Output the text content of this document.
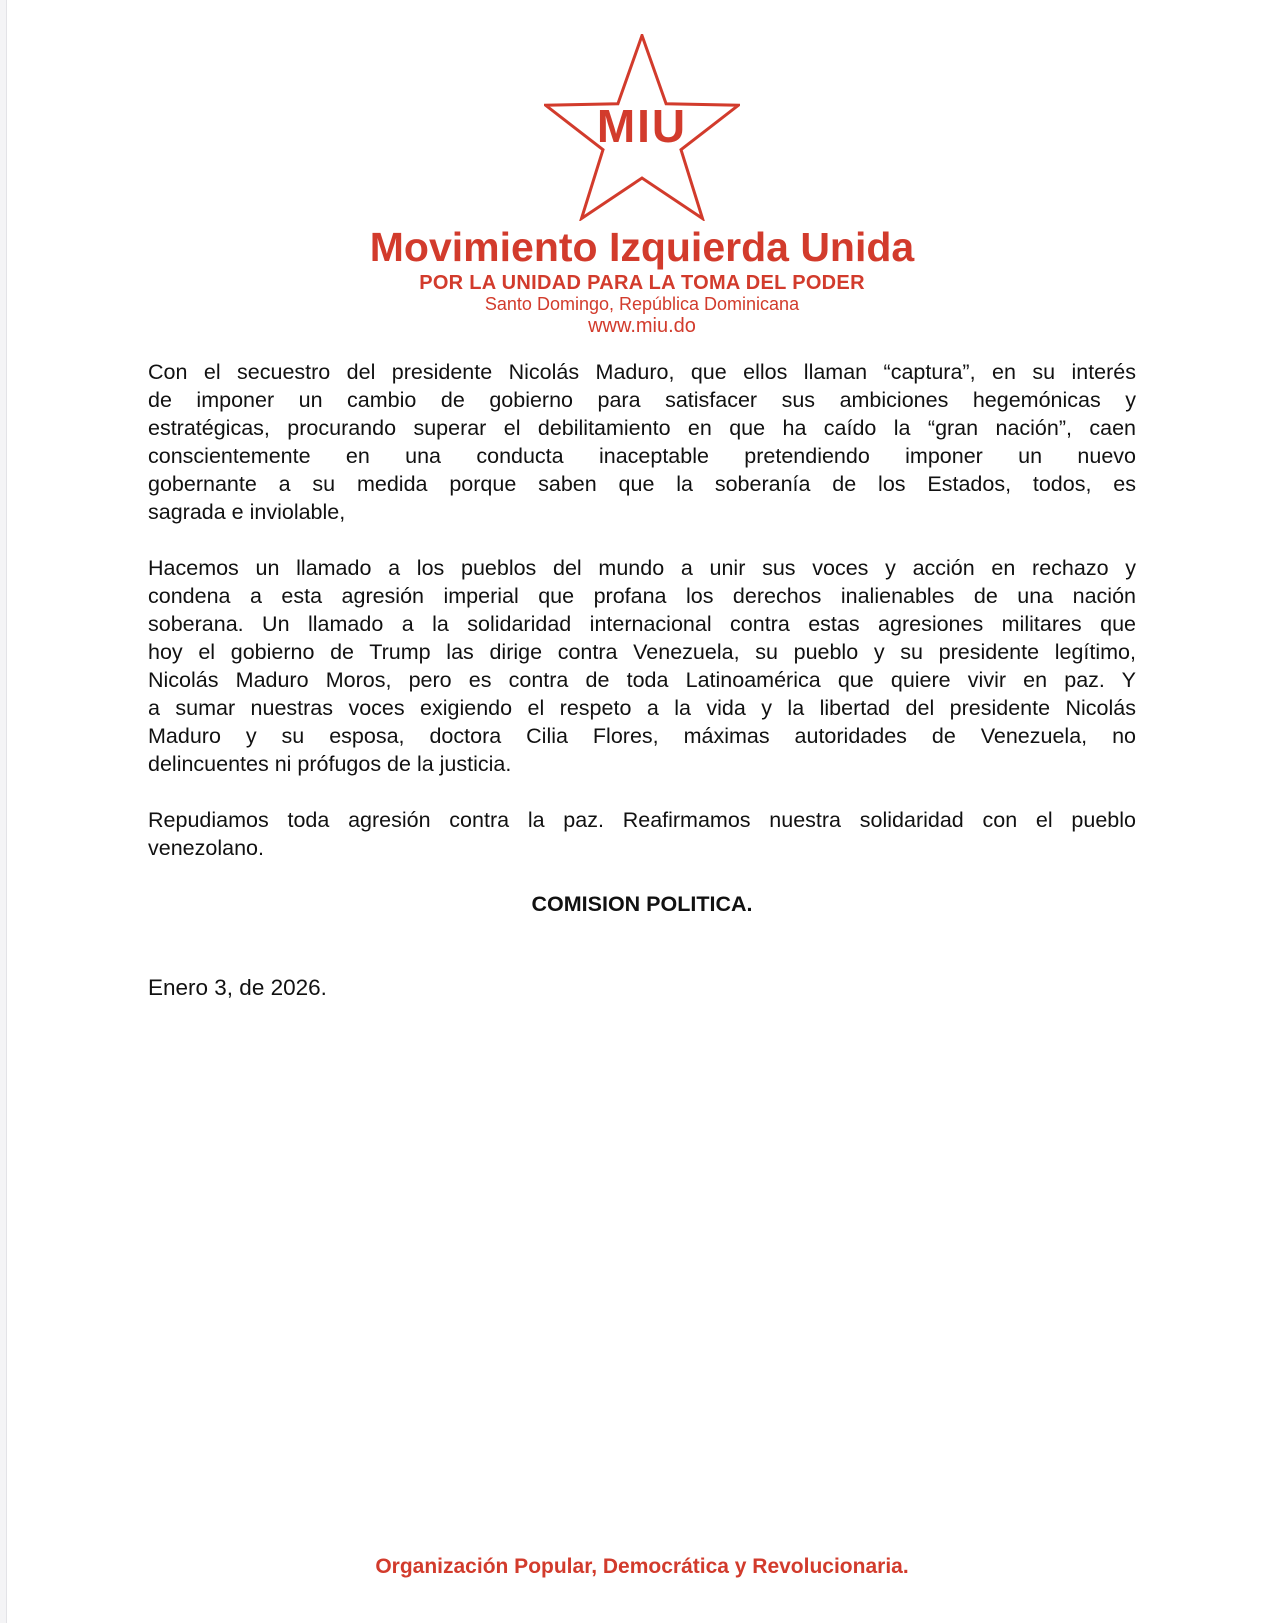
MIU
Movimiento Izquierda Unida
POR LA UNIDAD PARA LA TOMA DEL PODER
Santo Domingo, República Dominicana
www.miu.do
Con el secuestro del presidente Nicolás Maduro, que ellos llaman “captura”, en su interés
de imponer un cambio de gobierno para satisfacer sus ambiciones hegemónicas y
estratégicas, procurando superar el debilitamiento en que ha caído la “gran nación”, caen
conscientemente en una conducta inaceptable pretendiendo imponer un nuevo
gobernante a su medida porque saben que la soberanía de los Estados, todos, es
sagrada e inviolable,
Hacemos un llamado a los pueblos del mundo a unir sus voces y acción en rechazo y
condena a esta agresión imperial que profana los derechos inalienables de una nación
soberana. Un llamado a la solidaridad internacional contra estas agresiones militares que
hoy el gobierno de Trump las dirige contra Venezuela, su pueblo y su presidente legítimo,
Nicolás Maduro Moros, pero es contra de toda Latinoamérica que quiere vivir en paz. Y
a sumar nuestras voces exigiendo el respeto a la vida y la libertad del presidente Nicolás
Maduro y su esposa, doctora Cilia Flores, máximas autoridades de Venezuela, no
delincuentes ni prófugos de la justicia.
Repudiamos toda agresión contra la paz. Reafirmamos nuestra solidaridad con el pueblo
venezolano.
COMISION POLITICA.
Enero 3, de 2026.
Organización Popular, Democrática y Revolucionaria.
